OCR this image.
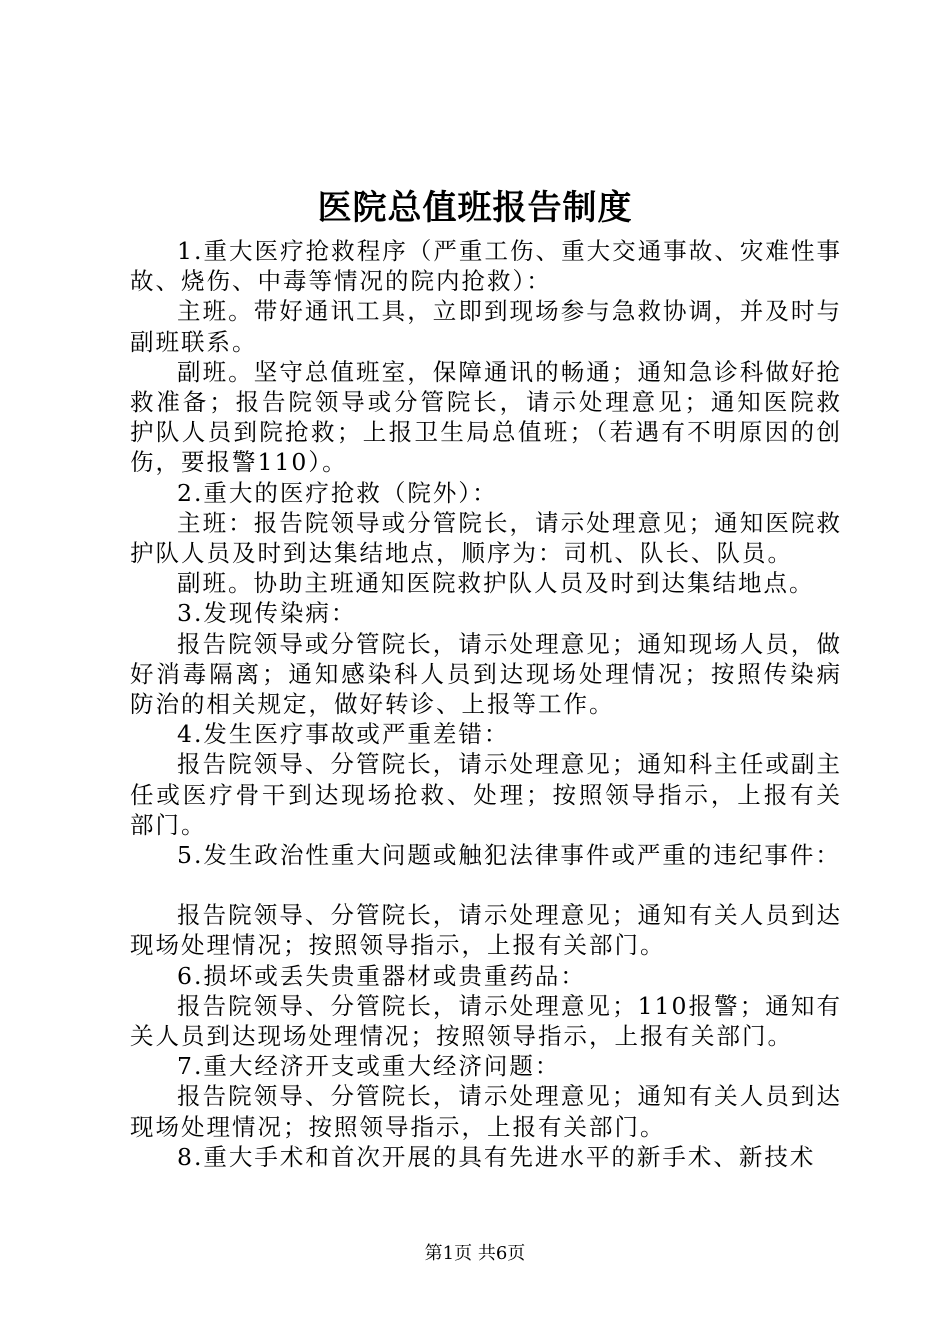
医院总值班报告制度

1.重大医疗抢救程序（严重工伤、重大交通事故、灾难性事故、烧伤、中毒等情况的院内抢救）：

主班。带好通讯工具，立即到现场参与急救协调，并及时与副班联系。

副班。坚守总值班室，保障通讯的畅通；通知急诊科做好抢救准备；报告院领导或分管院长，请示处理意见；通知医院救护队人员到院抢救；上报卫生局总值班；（若遇有不明原因的创伤，要报警110）。

2.重大的医疗抢救（院外）：

主班：报告院领导或分管院长，请示处理意见；通知医院救护队人员及时到达集结地点，顺序为：司机、队长、队员。

副班。协助主班通知医院救护队人员及时到达集结地点。

3.发现传染病：

报告院领导或分管院长，请示处理意见；通知现场人员，做好消毒隔离；通知感染科人员到达现场处理情况；按照传染病防治的相关规定，做好转诊、上报等工作。

4.发生医疗事故或严重差错：

报告院领导、分管院长，请示处理意见；通知科主任或副主任或医疗骨干到达现场抢救、处理；按照领导指示，上报有关部门。

5.发生政治性重大问题或触犯法律事件或严重的违纪事件：

报告院领导、分管院长，请示处理意见；通知有关人员到达现场处理情况；按照领导指示，上报有关部门。

6.损坏或丢失贵重器材或贵重药品：

报告院领导、分管院长，请示处理意见；110报警；通知有关人员到达现场处理情况；按照领导指示，上报有关部门。

7.重大经济开支或重大经济问题：

报告院领导、分管院长，请示处理意见；通知有关人员到达现场处理情况；按照领导指示，上报有关部门。

8.重大手术和首次开展的具有先进水平的新手术、新技术

第1页 共6页
